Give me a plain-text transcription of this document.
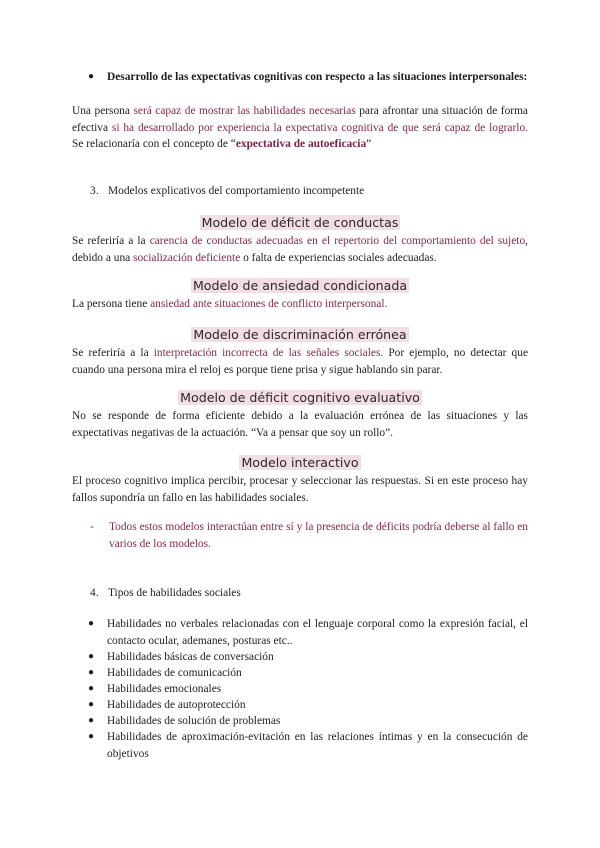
● Desarrollo de las expectativas cognitivas con respecto a las situaciones interpersonales:

Una persona será capaz de mostrar las habilidades necesarias para afrontar una situación de forma efectiva si ha desarrollado por experiencia la expectativa cognitiva de que será capaz de lograrlo. Se relacionaría con el concepto de “expectativa de autoeficacia”

3. Modelos explicativos del comportamiento incompetente

Modelo de déficit de conductas

Se referiría a la carencia de conductas adecuadas en el repertorio del comportamiento del sujeto, debido a una socialización deficiente o falta de experiencias sociales adecuadas.

Modelo de ansiedad condicionada

La persona tiene ansiedad ante situaciones de conflicto interpersonal.

Modelo de discriminación errónea

Se referiría a la interpretación incorrecta de las señales sociales. Por ejemplo, no detectar que cuando una persona mira el reloj es porque tiene prisa y sigue hablando sin parar.

Modelo de déficit cognitivo evaluativo

No se responde de forma eficiente debido a la evaluación errónea de las situaciones y las expectativas negativas de la actuación. “Va a pensar que soy un rollo”.

Modelo interactivo

El proceso cognitivo implica percibir, procesar y seleccionar las respuestas. Si en este proceso hay fallos supondría un fallo en las habilidades sociales.

- Todos estos modelos interactúan entre sí y la presencia de déficits podría deberse al fallo en varios de los modelos.
4. Tipos de habilidades sociales
● Habilidades no verbales relacionadas con el lenguaje corporal como la expresión facial, el contacto ocular, ademanes, posturas etc..
● Habilidades básicas de conversación
● Habilidades de comunicación
● Habilidades emocionales
● Habilidades de autoprotección
● Habilidades de solución de problemas
● Habilidades de aproximación-evitación en las relaciones íntimas y en la consecución de objetivos
